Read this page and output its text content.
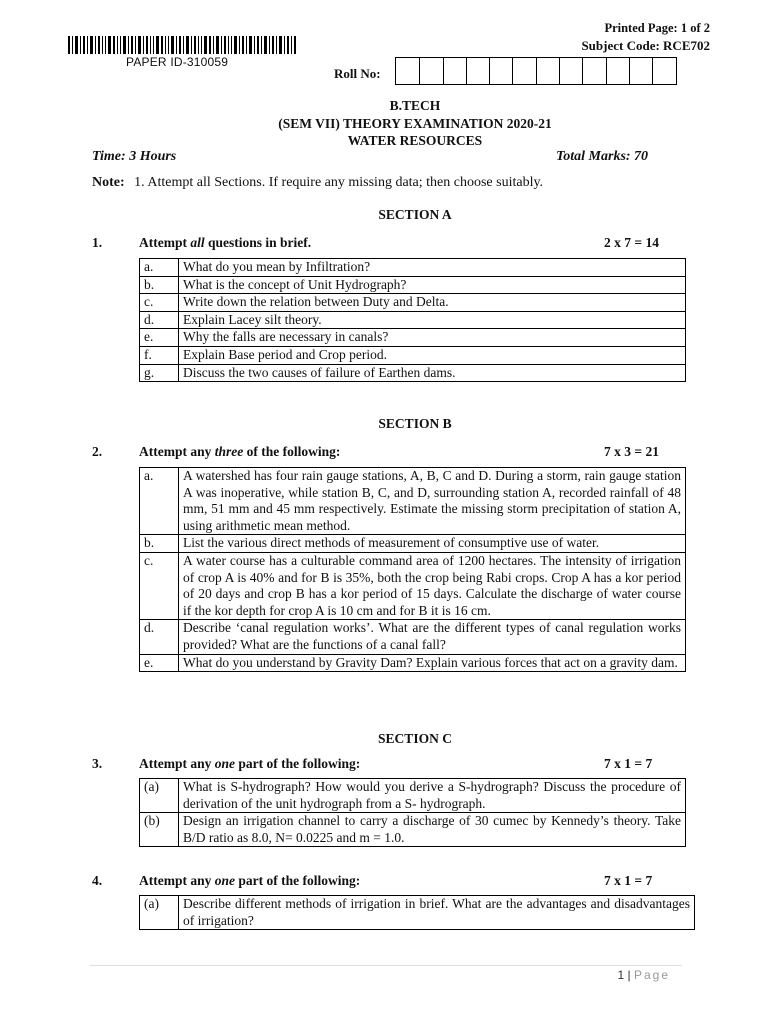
PAPER ID-310059
Printed Page: 1 of 2
Subject Code: RCE702
Roll No:
B.TECH
(SEM VII) THEORY EXAMINATION 2020-21
WATER RESOURCES
Time: 3 Hours	Total Marks: 70
Note: 1. Attempt all Sections. If require any missing data; then choose suitably.
SECTION A
1.	Attempt all questions in brief.	2 x 7 = 14
a.	What do you mean by Infiltration?
b.	What is the concept of Unit Hydrograph?
c.	Write down the relation between Duty and Delta.
d.	Explain Lacey silt theory.
e.	Why the falls are necessary in canals?
f.	Explain Base period and Crop period.
g.	Discuss the two causes of failure of Earthen dams.
SECTION B
2.	Attempt any three of the following:	7 x 3 = 21
a.	A watershed has four rain gauge stations, A, B, C and D. During a storm, rain gauge station A was inoperative, while station B, C, and D, surrounding station A, recorded rainfall of 48 mm, 51 mm and 45 mm respectively. Estimate the missing storm precipitation of station A, using arithmetic mean method.
b.	List the various direct methods of measurement of consumptive use of water.
c.	A water course has a culturable command area of 1200 hectares. The intensity of irrigation of crop A is 40% and for B is 35%, both the crop being Rabi crops. Crop A has a kor period of 20 days and crop B has a kor period of 15 days. Calculate the discharge of water course if the kor depth for crop A is 10 cm and for B it is 16 cm.
d.	Describe ‘canal regulation works’. What are the different types of canal regulation works provided? What are the functions of a canal fall?
e.	What do you understand by Gravity Dam? Explain various forces that act on a gravity dam.
SECTION C
3.	Attempt any one part of the following:	7 x 1 = 7
(a)	What is S-hydrograph? How would you derive a S-hydrograph? Discuss the procedure of derivation of the unit hydrograph from a S- hydrograph.
(b)	Design an irrigation channel to carry a discharge of 30 cumec by Kennedy’s theory. Take B/D ratio as 8.0, N= 0.0225 and m = 1.0.
4.	Attempt any one part of the following:	7 x 1 = 7
(a)	Describe different methods of irrigation in brief. What are the advantages and disadvantages of irrigation?
1 | Page
